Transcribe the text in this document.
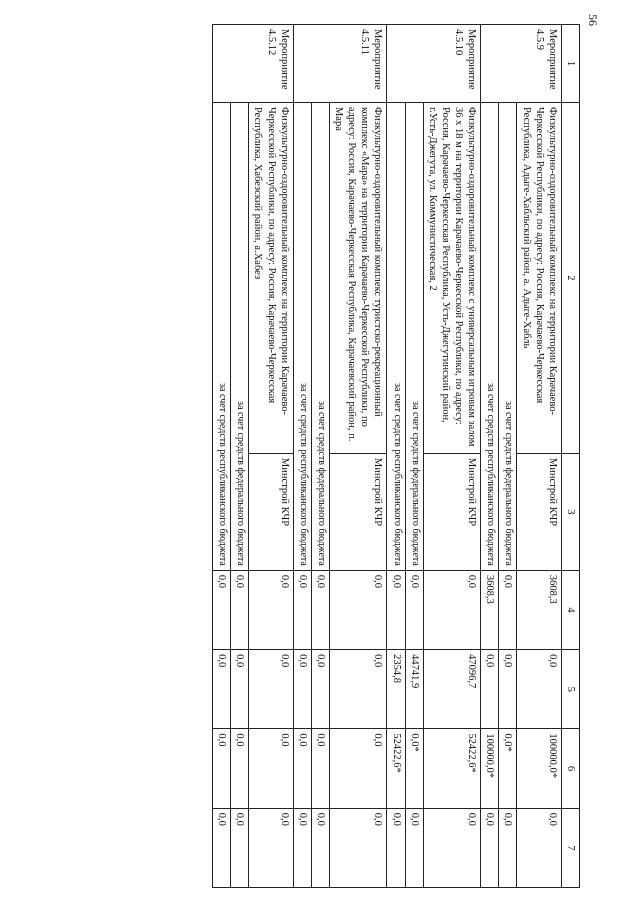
56
1	2	3	4	5	6	7
Мероприятие 4.5.9	Физкультурно-оздоровительный комплекс на территории Карачаево-Черкесской Республики, по адресу: Россия, Карачаево-Черкесская Республика, Адыге-Хабльский район, а. Адыге-Хабль	Минстрой КЧР	3608,3	0,0	100000,0*	0,0
	за счет средств федерального бюджета		0,0	0,0	0,0*	0,0
	за счет средств республиканского бюджета		3608,3	0,0	100000,0*	0,0
Мероприятие 4.5.10	Физкультурно-оздоровительный комплекс с универсальным игровым залом 36 х 18 м на территории Карачаево-Черкесской Республики, по адресу: Россия, Карачаево-Черкесская Республика, Усть-Джегутинский район, г.Усть-Джегута, ул. Коммунистическая, 2	Минстрой КЧР	0,0	47096,7	52422,6*	0,0
	за счет средств федерального бюджета		0,0	44741,9	0,0*	0,0
	за счет средств республиканского бюджета		0,0	2354,8	52422,6*	0,0
Мероприятие 4.5.11	Физкультурно-оздоровительный комплекс туристско-рекреационный комплекс «Мара» на территории Карачаево-Черкесской Республики, по адресу: Россия, Карачаево-Черкесская Республика, Карачаевский район, п. Мара	Минстрой КЧР	0,0	0,0	0,0	0,0
	за счет средств федерального бюджета		0,0	0,0	0,0	0,0
	за счет средств республиканского бюджета		0,0	0,0	0,0	0,0
Мероприятие 4.5.12	Физкультурно-оздоровительный комплекс на территории Карачаево-Черкесской Республики, по адресу: Россия, Карачаево-Черкесская Республика, Хабезский район, а.Хабез	Минстрой КЧР	0,0	0,0	0,0	0,0
	за счет средств федерального бюджета		0,0	0,0	0,0	0,0
	за счет средств республиканского бюджета		0,0	0,0	0,0	0,0
